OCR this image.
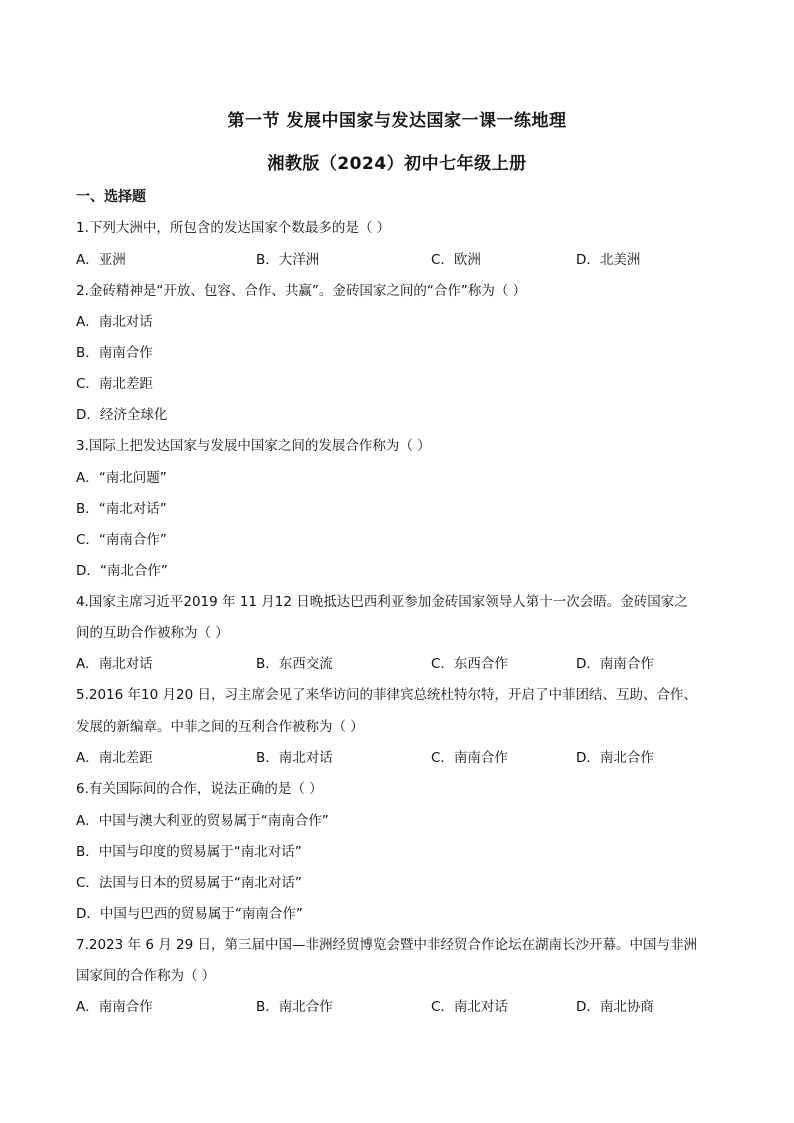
第一节 发展中国家与发达国家一课一练地理
湘教版（2024）初中七年级上册
一、选择题
1.下列大洲中，所包含的发达国家个数最多的是（ ）
A．亚洲	B．大洋洲	C．欧洲	D．北美洲
2.金砖精神是“开放、包容、合作、共赢”。金砖国家之间的“合作”称为（ ）
A．南北对话
B．南南合作
C．南北差距
D．经济全球化
3.国际上把发达国家与发展中国家之间的发展合作称为（ ）
A．“南北问题”
B．“南北对话”
C．“南南合作”
D．“南北合作”
4.国家主席习近平2019 年 11 月12 日晚抵达巴西利亚参加金砖国家领导人第十一次会晤。金砖国家之
间的互助合作被称为（ ）
A．南北对话	B．东西交流	C．东西合作	D．南南合作
5.2016 年10 月20 日，习主席会见了来华访问的菲律宾总统杜特尔特，开启了中菲团结、互助、合作、
发展的新编章。中菲之间的互利合作被称为（ ）
A．南北差距	B．南北对话	C．南南合作	D．南北合作
6.有关国际间的合作，说法正确的是（ ）
A．中国与澳大利亚的贸易属于“南南合作”
B．中国与印度的贸易属于“南北对话”
C．法国与日本的贸易属于“南北对话”
D．中国与巴西的贸易属于“南南合作”
7.2023 年 6 月 29 日，第三届中国—非洲经贸博览会暨中非经贸合作论坛在湖南长沙开幕。中国与非洲
国家间的合作称为（ ）
A．南南合作	B．南北合作	C．南北对话	D．南北协商
